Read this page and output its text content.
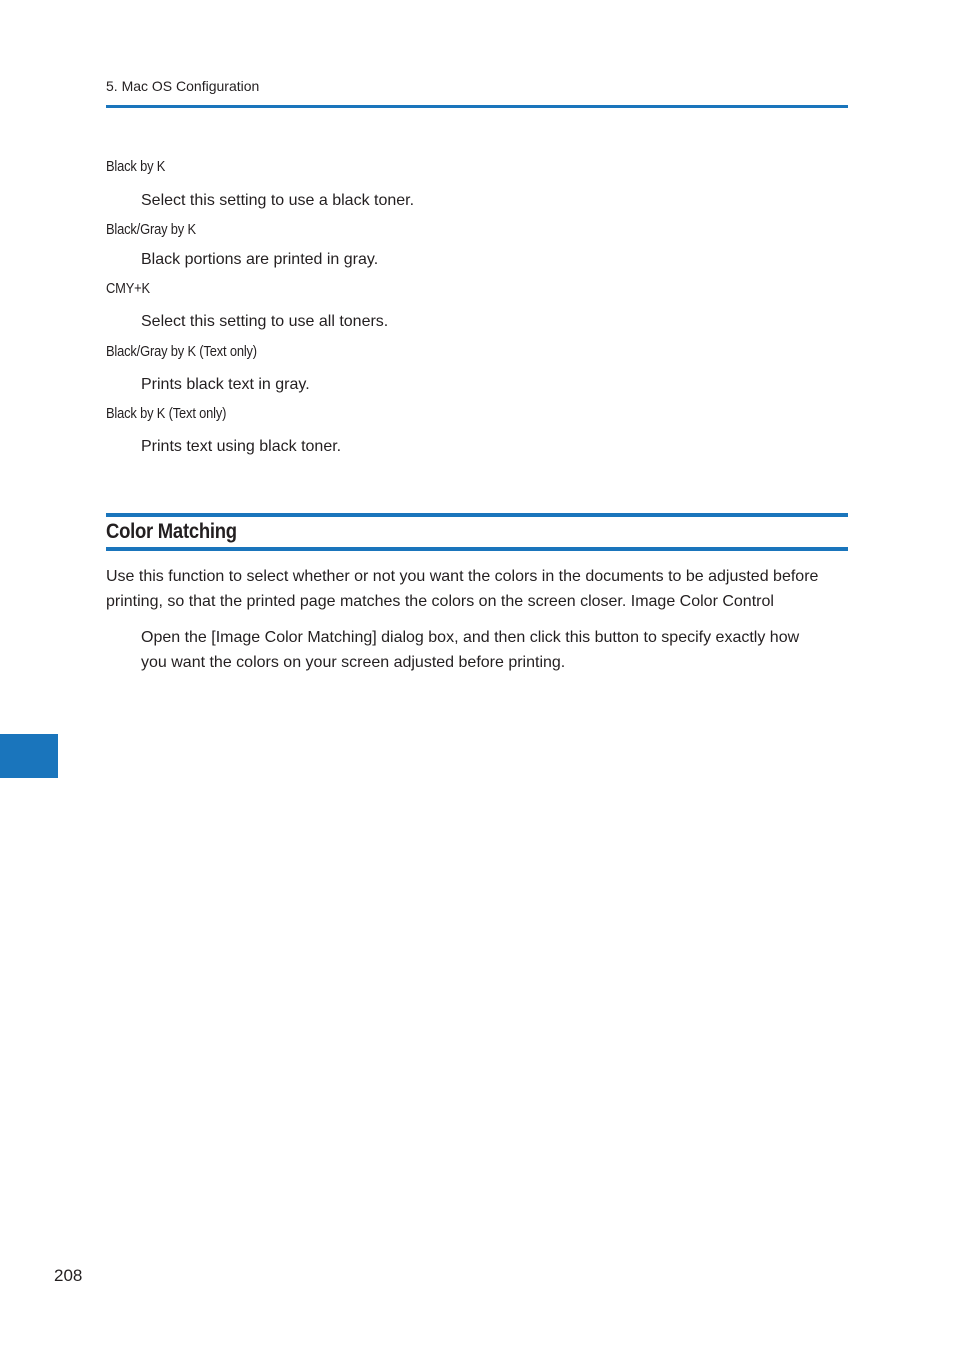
5. Mac OS Configuration
Black by K
Select this setting to use a black toner.
Black/Gray by K
Black portions are printed in gray.
CMY+K
Select this setting to use all toners.
Black/Gray by K (Text only)
Prints black text in gray.
Black by K (Text only)
Prints text using black toner.
Color Matching
Use this function to select whether or not you want the colors in the documents to be adjusted before
printing, so that the printed page matches the colors on the screen closer. Image Color Control
Open the [Image Color Matching] dialog box, and then click this button to specify exactly how
you want the colors on your screen adjusted before printing.
208
